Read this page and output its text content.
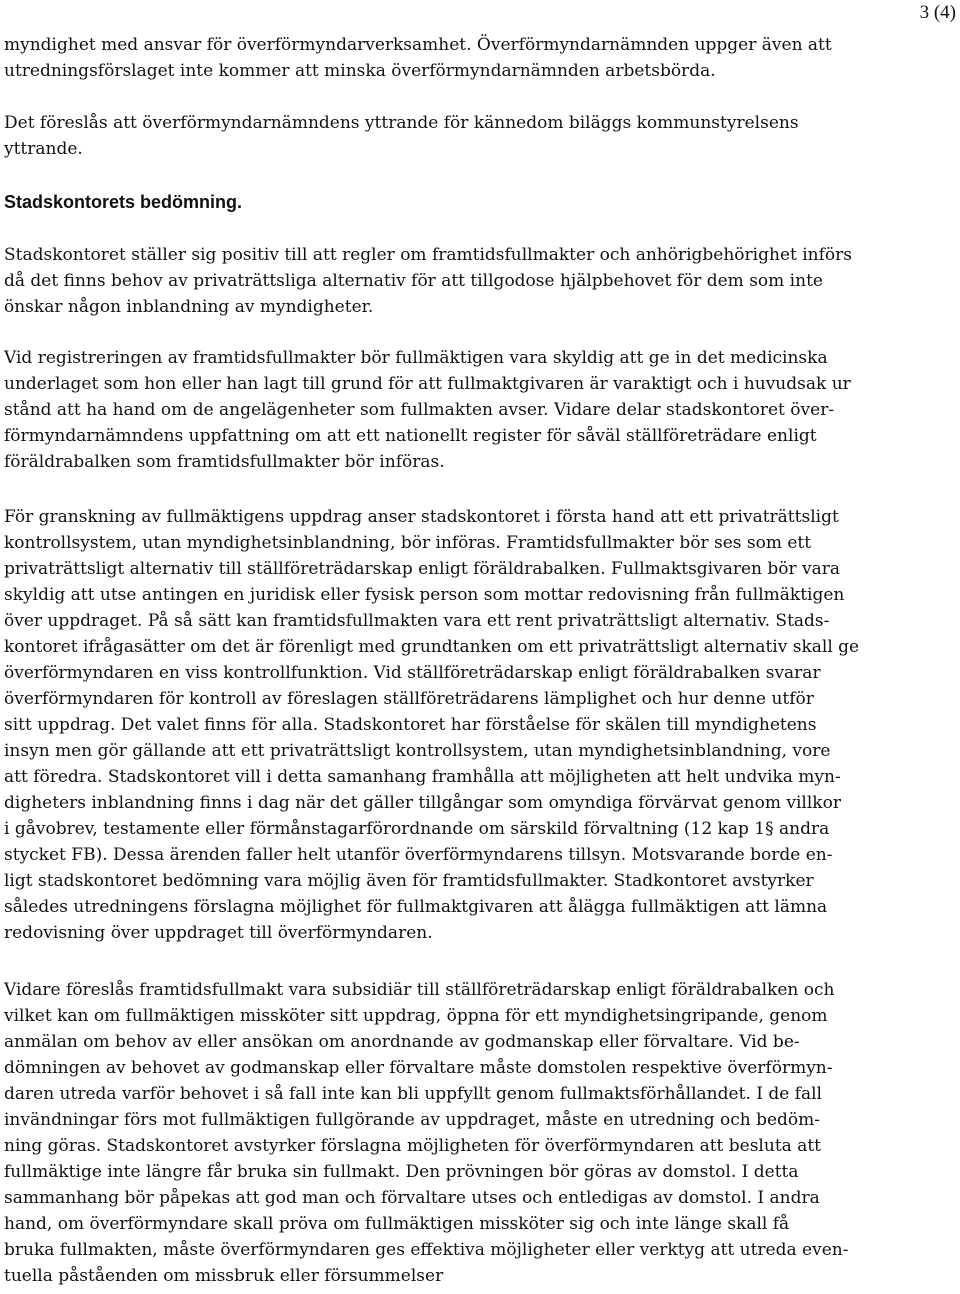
3 (4)
myndighet med ansvar för överförmyndarverksamhet. Överförmyndarnämnden uppger även att
utredningsförslaget inte kommer att minska överförmyndarnämnden arbetsbörda.
Det föreslås att överförmyndarnämndens yttrande för kännedom biläggs kommunstyrelsens
yttrande.
Stadskontorets bedömning.
Stadskontoret ställer sig positiv till att regler om framtidsfullmakter och anhörigbehörighet införs
då det finns behov av privaträttsliga alternativ för att tillgodose hjälpbehovet för dem som inte
önskar någon inblandning av myndigheter.
Vid registreringen av framtidsfullmakter bör fullmäktigen vara skyldig att ge in det medicinska
underlaget som hon eller han lagt till grund för att fullmaktgivaren är varaktigt och i huvudsak ur
stånd att ha hand om de angelägenheter som fullmakten avser. Vidare delar stadskontoret över-
förmyndarnämndens uppfattning om att ett nationellt register för såväl ställföreträdare enligt
föräldrabalken som framtidsfullmakter bör införas.
För granskning av fullmäktigens uppdrag anser stadskontoret i första hand att ett privaträttsligt
kontrollsystem, utan myndighetsinblandning, bör införas. Framtidsfullmakter bör ses som ett
privaträttsligt alternativ till ställföreträdarskap enligt föräldrabalken. Fullmaktsgivaren bör vara
skyldig att utse antingen en juridisk eller fysisk person som mottar redovisning från fullmäktigen
över uppdraget. På så sätt kan framtidsfullmakten vara ett rent privaträttsligt alternativ. Stads-
kontoret ifrågasätter om det är förenligt med grundtanken om ett privaträttsligt alternativ skall ge
överförmyndaren en viss kontrollfunktion. Vid ställföreträdarskap enligt föräldrabalken svarar
överförmyndaren för kontroll av föreslagen ställföreträdarens lämplighet och hur denne utför
sitt uppdrag. Det valet finns för alla. Stadskontoret har förståelse för skälen till myndighetens
insyn men gör gällande att ett privaträttsligt kontrollsystem, utan myndighetsinblandning, vore
att föredra. Stadskontoret vill i detta samanhang framhålla att möjligheten att helt undvika myn-
digheters inblandning finns i dag när det gäller tillgångar som omyndiga förvärvat genom villkor
i gåvobrev, testamente eller förmånstagarförordnande om särskild förvaltning (12 kap 1§ andra
stycket FB). Dessa ärenden faller helt utanför överförmyndarens tillsyn. Motsvarande borde en-
ligt stadskontoret bedömning vara möjlig även för framtidsfullmakter. Stadkontoret avstyrker
således utredningens förslagna möjlighet för fullmaktgivaren att ålägga fullmäktigen att lämna
redovisning över uppdraget till överförmyndaren.
Vidare föreslås framtidsfullmakt vara subsidiär till ställföreträdarskap enligt föräldrabalken och
vilket kan om fullmäktigen missköter sitt uppdrag, öppna för ett myndighetsingripande, genom
anmälan om behov av eller ansökan om anordnande av godmanskap eller förvaltare. Vid be-
dömningen av behovet av godmanskap eller förvaltare måste domstolen respektive överförmyn-
daren utreda varför behovet i så fall inte kan bli uppfyllt genom fullmaktsförhållandet. I de fall
invändningar förs mot fullmäktigen fullgörande av uppdraget, måste en utredning och bedöm-
ning göras. Stadskontoret avstyrker förslagna möjligheten för överförmyndaren att besluta att
fullmäktige inte längre får bruka sin fullmakt. Den prövningen bör göras av domstol. I detta
sammanhang bör påpekas att god man och förvaltare utses och entledigas av domstol. I andra
hand, om överförmyndare skall pröva om fullmäktigen missköter sig och inte länge skall få
bruka fullmakten, måste överförmyndaren ges effektiva möjligheter eller verktyg att utreda even-
tuella påståenden om missbruk eller försummelser
